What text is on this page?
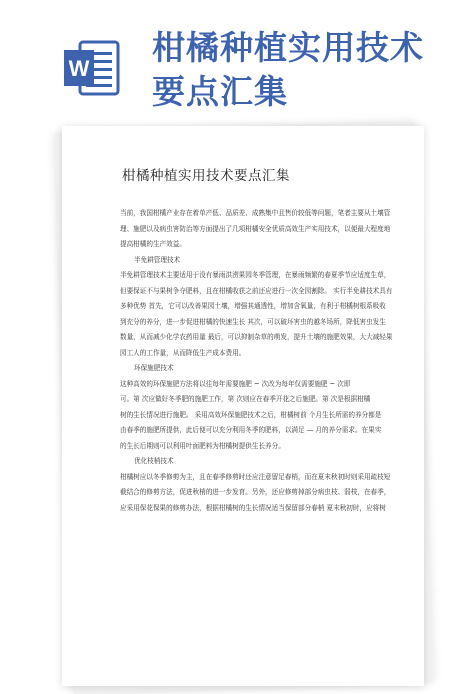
W
柑橘种植实用技术
要点汇集
柑橘种植实用技术要点汇集

当前，我国柑橘产业存在着单产低、品质差、成熟集中且售价较低等问题，笔者主要从土壤管

理、施肥以及病虫害防治等方面提出了几项柑橘安全优质高效生产实用技术，以便最大程度地

提高柑橘的生产效益。

半免耕管理技术

半免耕管理技术主要适用于没有暴雨洪涝果园冬季管理，在暴雨频繁的春夏季节应适度生草，

但要保证不与果树争夺肥料，且在柑橘收获之前还应进行一次全园割除。 实行半免耕技术具有

多种优势 首先，它可以改善果园土壤，增强其通透性，增加含氧量，有利于柑橘树根系吸收

到充分的养分，进一步促进柑橘的快速生长 其次，可以破坏害虫的越冬场所，降低害虫发生

数量，从而减少化学农药用量 最后，可以抑制杂草的萌发，提升土壤的施肥效果，大大减轻果

园工人的工作量，从而降低生产成本费用。

环保施肥技术

这种高效的环保施肥方法将以往每年需要施肥 ~ 次改为每年仅需要施肥 ~ 次即

可。第 次应做好冬季肥的施肥工作，第 次则应在春季开花之后施肥。第 次是根据柑橘

树的生长情况进行施肥。 采用高效环保施肥技术之后，柑橘树前 个月生长所需的养分都是

由春季的施肥所提供，此后便可以充分利用冬季的肥料，以满足 — 月的养分需求。在果实

的生长后期则可以利用叶面肥料为柑橘树提供生长养分。

优化枝梢技术

柑橘树应以冬季修剪为主，且在春季修剪时还应注意留足春梢，而在夏末秋初时则采用疏枝短

截结合的修剪方法，促进秋梢的进一步发育。另外，还应修剪掉部分病虫枝、弱枝，在春季，

应采用保花保果的修剪办法，根据柑橘树的生长情况适当保留部分春梢 夏末秋初时，应将树
